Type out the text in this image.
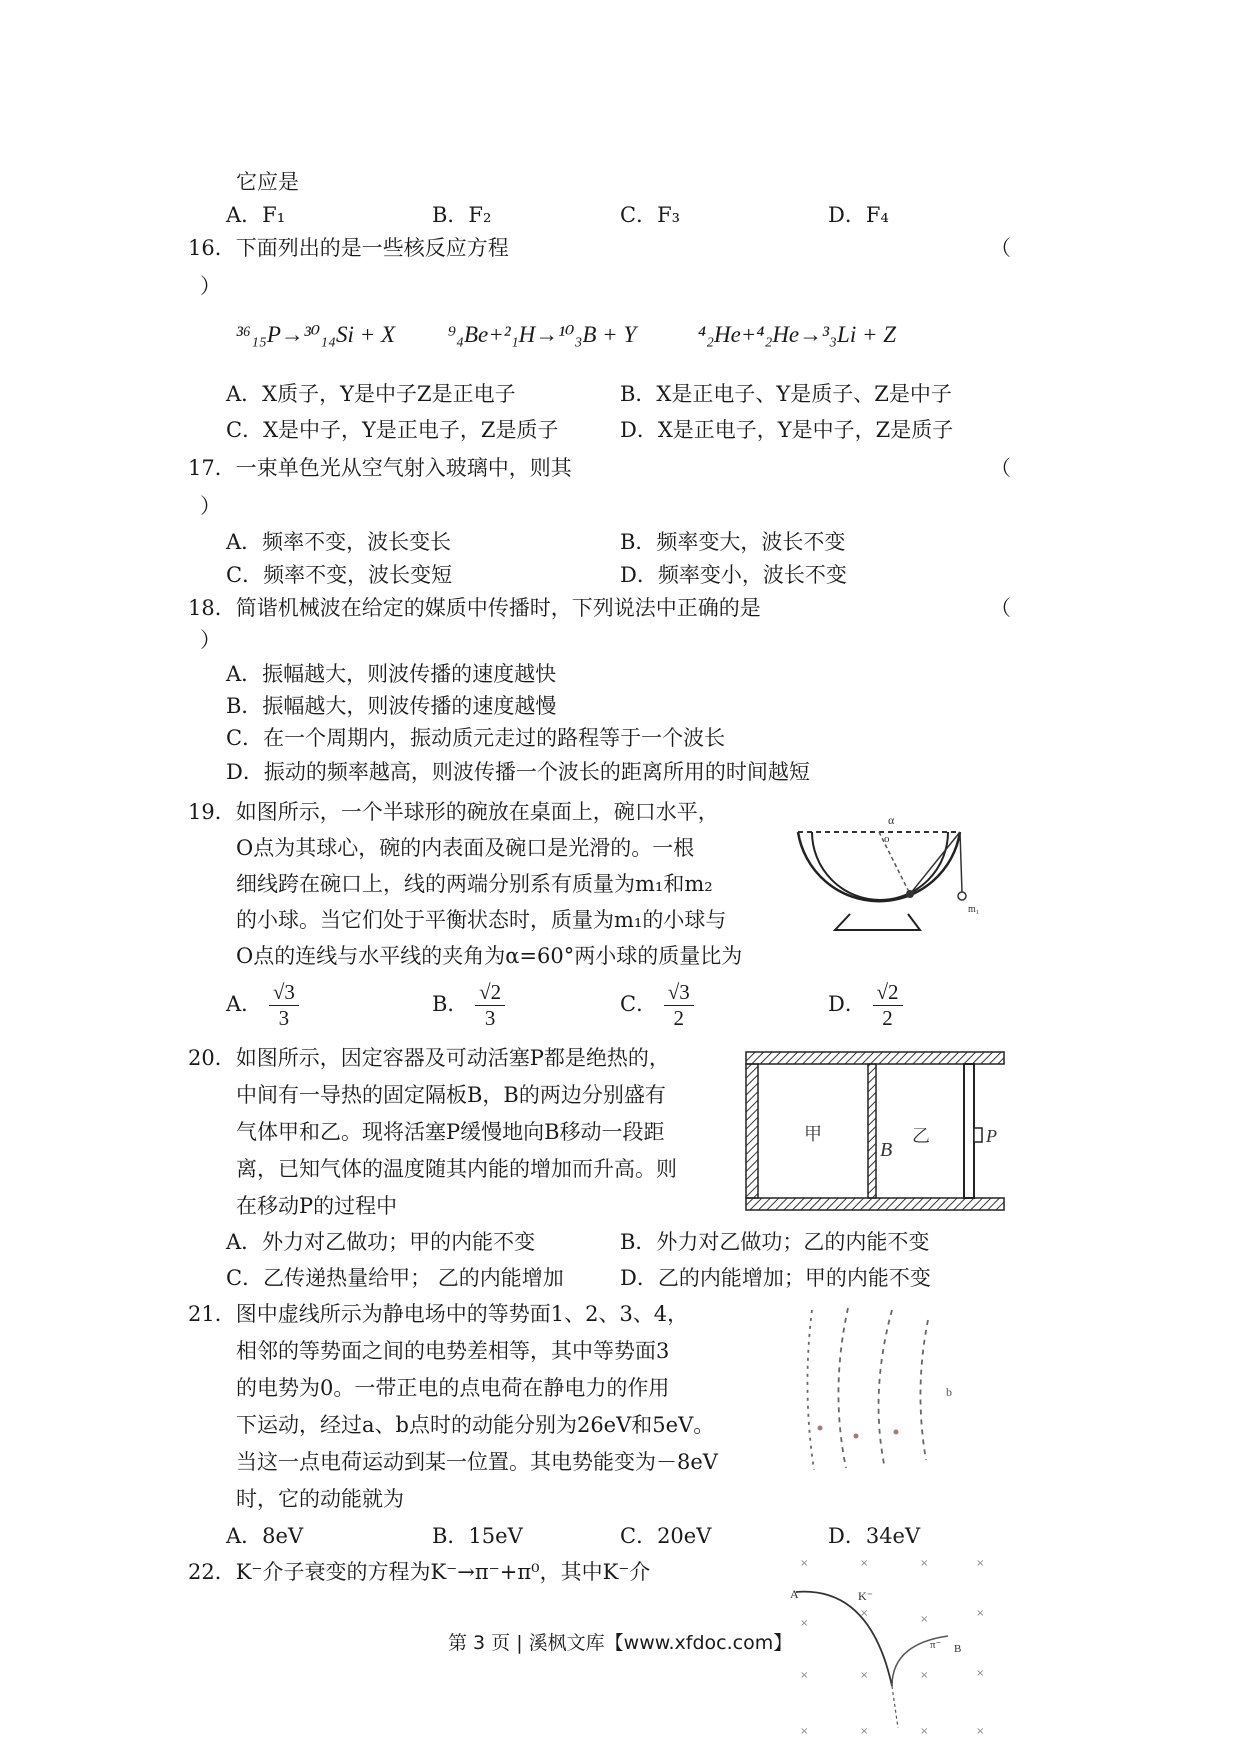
它应是
A．F₁	B．F₂	C．F₃	D．F₄
16．下面列出的是一些核反应方程	（
）
³⁶₁₅P→³⁰₁₄Si + X ⁹₄Be+²₁H→¹⁰₃B + Y	⁴₂He+⁴₂He→³₃Li + Z
A．X质子，Y是中子Z是正电子	B．X是正电子、Y是质子、Z是中子
C．X是中子，Y是正电子，Z是质子	D．X是正电子，Y是中子，Z是质子
17．一束单色光从空气射入玻璃中，则其	（
）
A．频率不变，波长变长	B．频率变大，波长不变
C．频率不变，波长变短	D．频率变小，波长不变
18．简谐机械波在给定的媒质中传播时，下列说法中正确的是	（
）
A．振幅越大，则波传播的速度越快
B．振幅越大，则波传播的速度越慢
C．在一个周期内，振动质元走过的路程等于一个波长
D．振动的频率越高，则波传播一个波长的距离所用的时间越短
19．如图所示，一个半球形的碗放在桌面上，碗口水平，
O点为其球心，碗的内表面及碗口是光滑的。一根
细线跨在碗口上，线的两端分别系有质量为m₁和m₂
的小球。当它们处于平衡状态时，质量为m₁的小球与
O点的连线与水平线的夹角为α=60°两小球的质量比为
A． $\frac{√3}{3}$	B． $\frac{√2}{3}$	C． $\frac{√3}{2}$	D． $\frac{√2}{2}$
α
o
m₁
20．如图所示，因定容器及可动活塞P都是绝热的，
中间有一导热的固定隔板B，B的两边分别盛有
气体甲和乙。现将活塞P缓慢地向B移动一段距
离，已知气体的温度随其内能的增加而升高。则
在移动P的过程中
A．外力对乙做功；甲的内能不变	B．外力对乙做功；乙的内能不变
C．乙传递热量给甲； 乙的内能增加	D．乙的内能增加；甲的内能不变
甲
B
乙	P
21．图中虚线所示为静电场中的等势面1、2、3、4，
相邻的等势面之间的电势差相等，其中等势面3
的电势为0。一带正电的点电荷在静电力的作用
下运动，经过a、b点时的动能分别为26eV和5eV。
当这一点电荷运动到某一位置。其电势能变为－8eV
时，它的动能就为
A．8eV	B．15eV	C．20eV	D．34eV
b
22．K⁻介子衰变的方程为K⁻→π⁻+π⁰，其中K⁻介	×	×	×	×
×
×
×
×
×	×	×	×
×	×	×	×
A	K⁻
π⁻ B
第 3 页 | 溪枫文库【www.xfdoc.com】
